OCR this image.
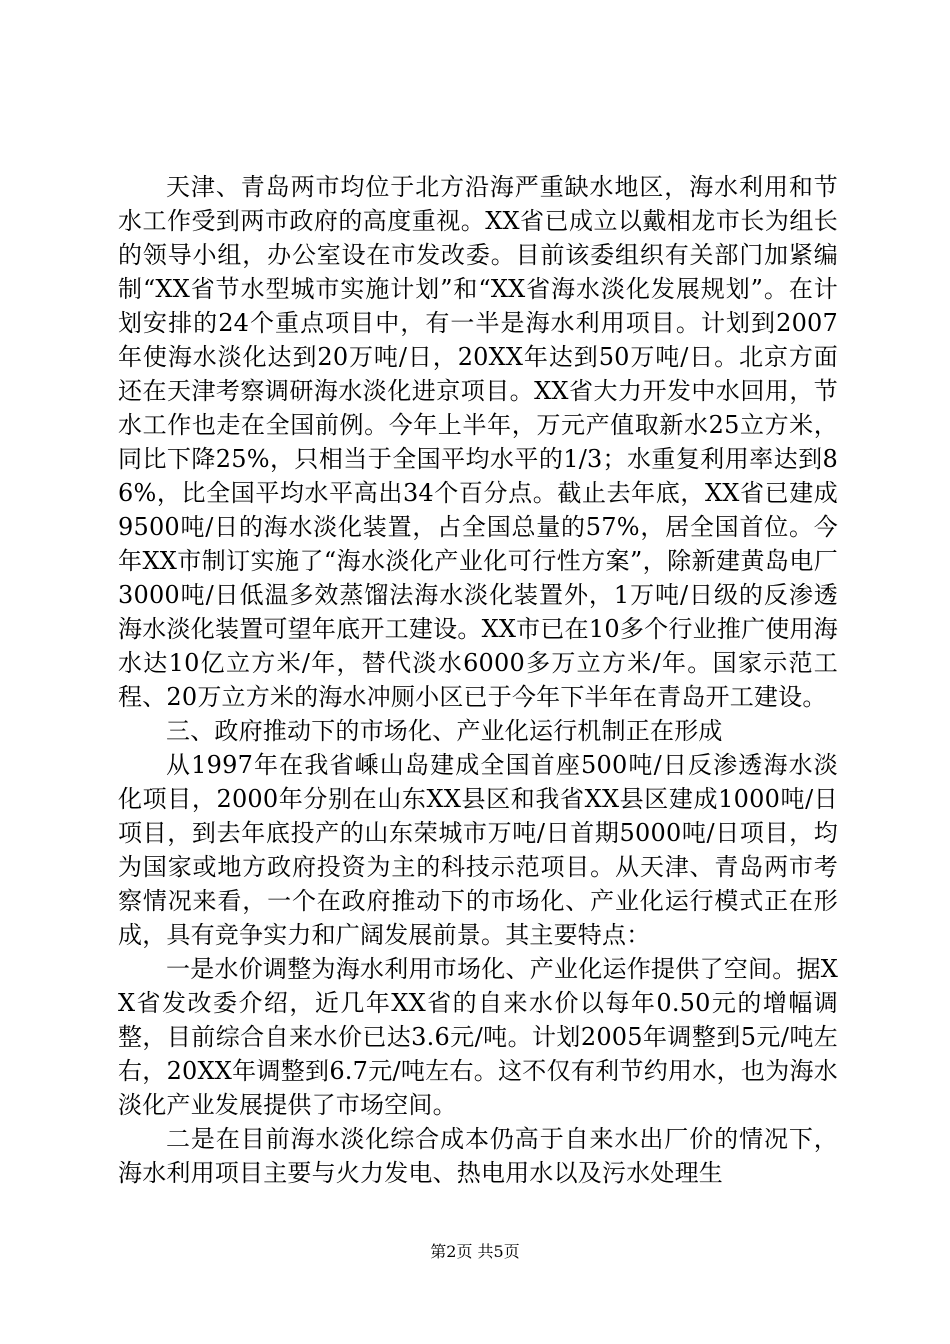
天津、青岛两市均位于北方沿海严重缺水地区，海水利用和节水工作受到两市政府的高度重视。XX省已成立以戴相龙市长为组长的领导小组，办公室设在市发改委。目前该委组织有关部门加紧编制“XX省节水型城市实施计划”和“XX省海水淡化发展规划”。在计划安排的24个重点项目中，有一半是海水利用项目。计划到2007年使海水淡化达到20万吨/日，20XX年达到50万吨/日。北京方面还在天津考察调研海水淡化进京项目。XX省大力开发中水回用，节水工作也走在全国前例。今年上半年，万元产值取新水25立方米，同比下降25%，只相当于全国平均水平的1/3；水重复利用率达到86%，比全国平均水平高出34个百分点。截止去年底，XX省已建成9500吨/日的海水淡化装置，占全国总量的57%，居全国首位。今年XX市制订实施了“海水淡化产业化可行性方案”，除新建黄岛电厂3000吨/日低温多效蒸馏法海水淡化装置外，1万吨/日级的反渗透海水淡化装置可望年底开工建设。XX市已在10多个行业推广使用海水达10亿立方米/年，替代淡水6000多万立方米/年。国家示范工程、20万立方米的海水冲厕小区已于今年下半年在青岛开工建设。

三、政府推动下的市场化、产业化运行机制正在形成

从1997年在我省嵊山岛建成全国首座500吨/日反渗透海水淡化项目，2000年分别在山东XX县区和我省XX县区建成1000吨/日项目，到去年底投产的山东荣城市万吨/日首期5000吨/日项目，均为国家或地方政府投资为主的科技示范项目。从天津、青岛两市考察情况来看，一个在政府推动下的市场化、产业化运行模式正在形成，具有竞争实力和广阔发展前景。其主要特点：

一是水价调整为海水利用市场化、产业化运作提供了空间。据XX省发改委介绍，近几年XX省的自来水价以每年0.50元的增幅调整，目前综合自来水价已达3.6元/吨。计划2005年调整到5元/吨左右，20XX年调整到6.7元/吨左右。这不仅有利节约用水，也为海水淡化产业发展提供了市场空间。

二是在目前海水淡化综合成本仍高于自来水出厂价的情况下，海水利用项目主要与火力发电、热电用水以及污水处理生

第2页 共5页
